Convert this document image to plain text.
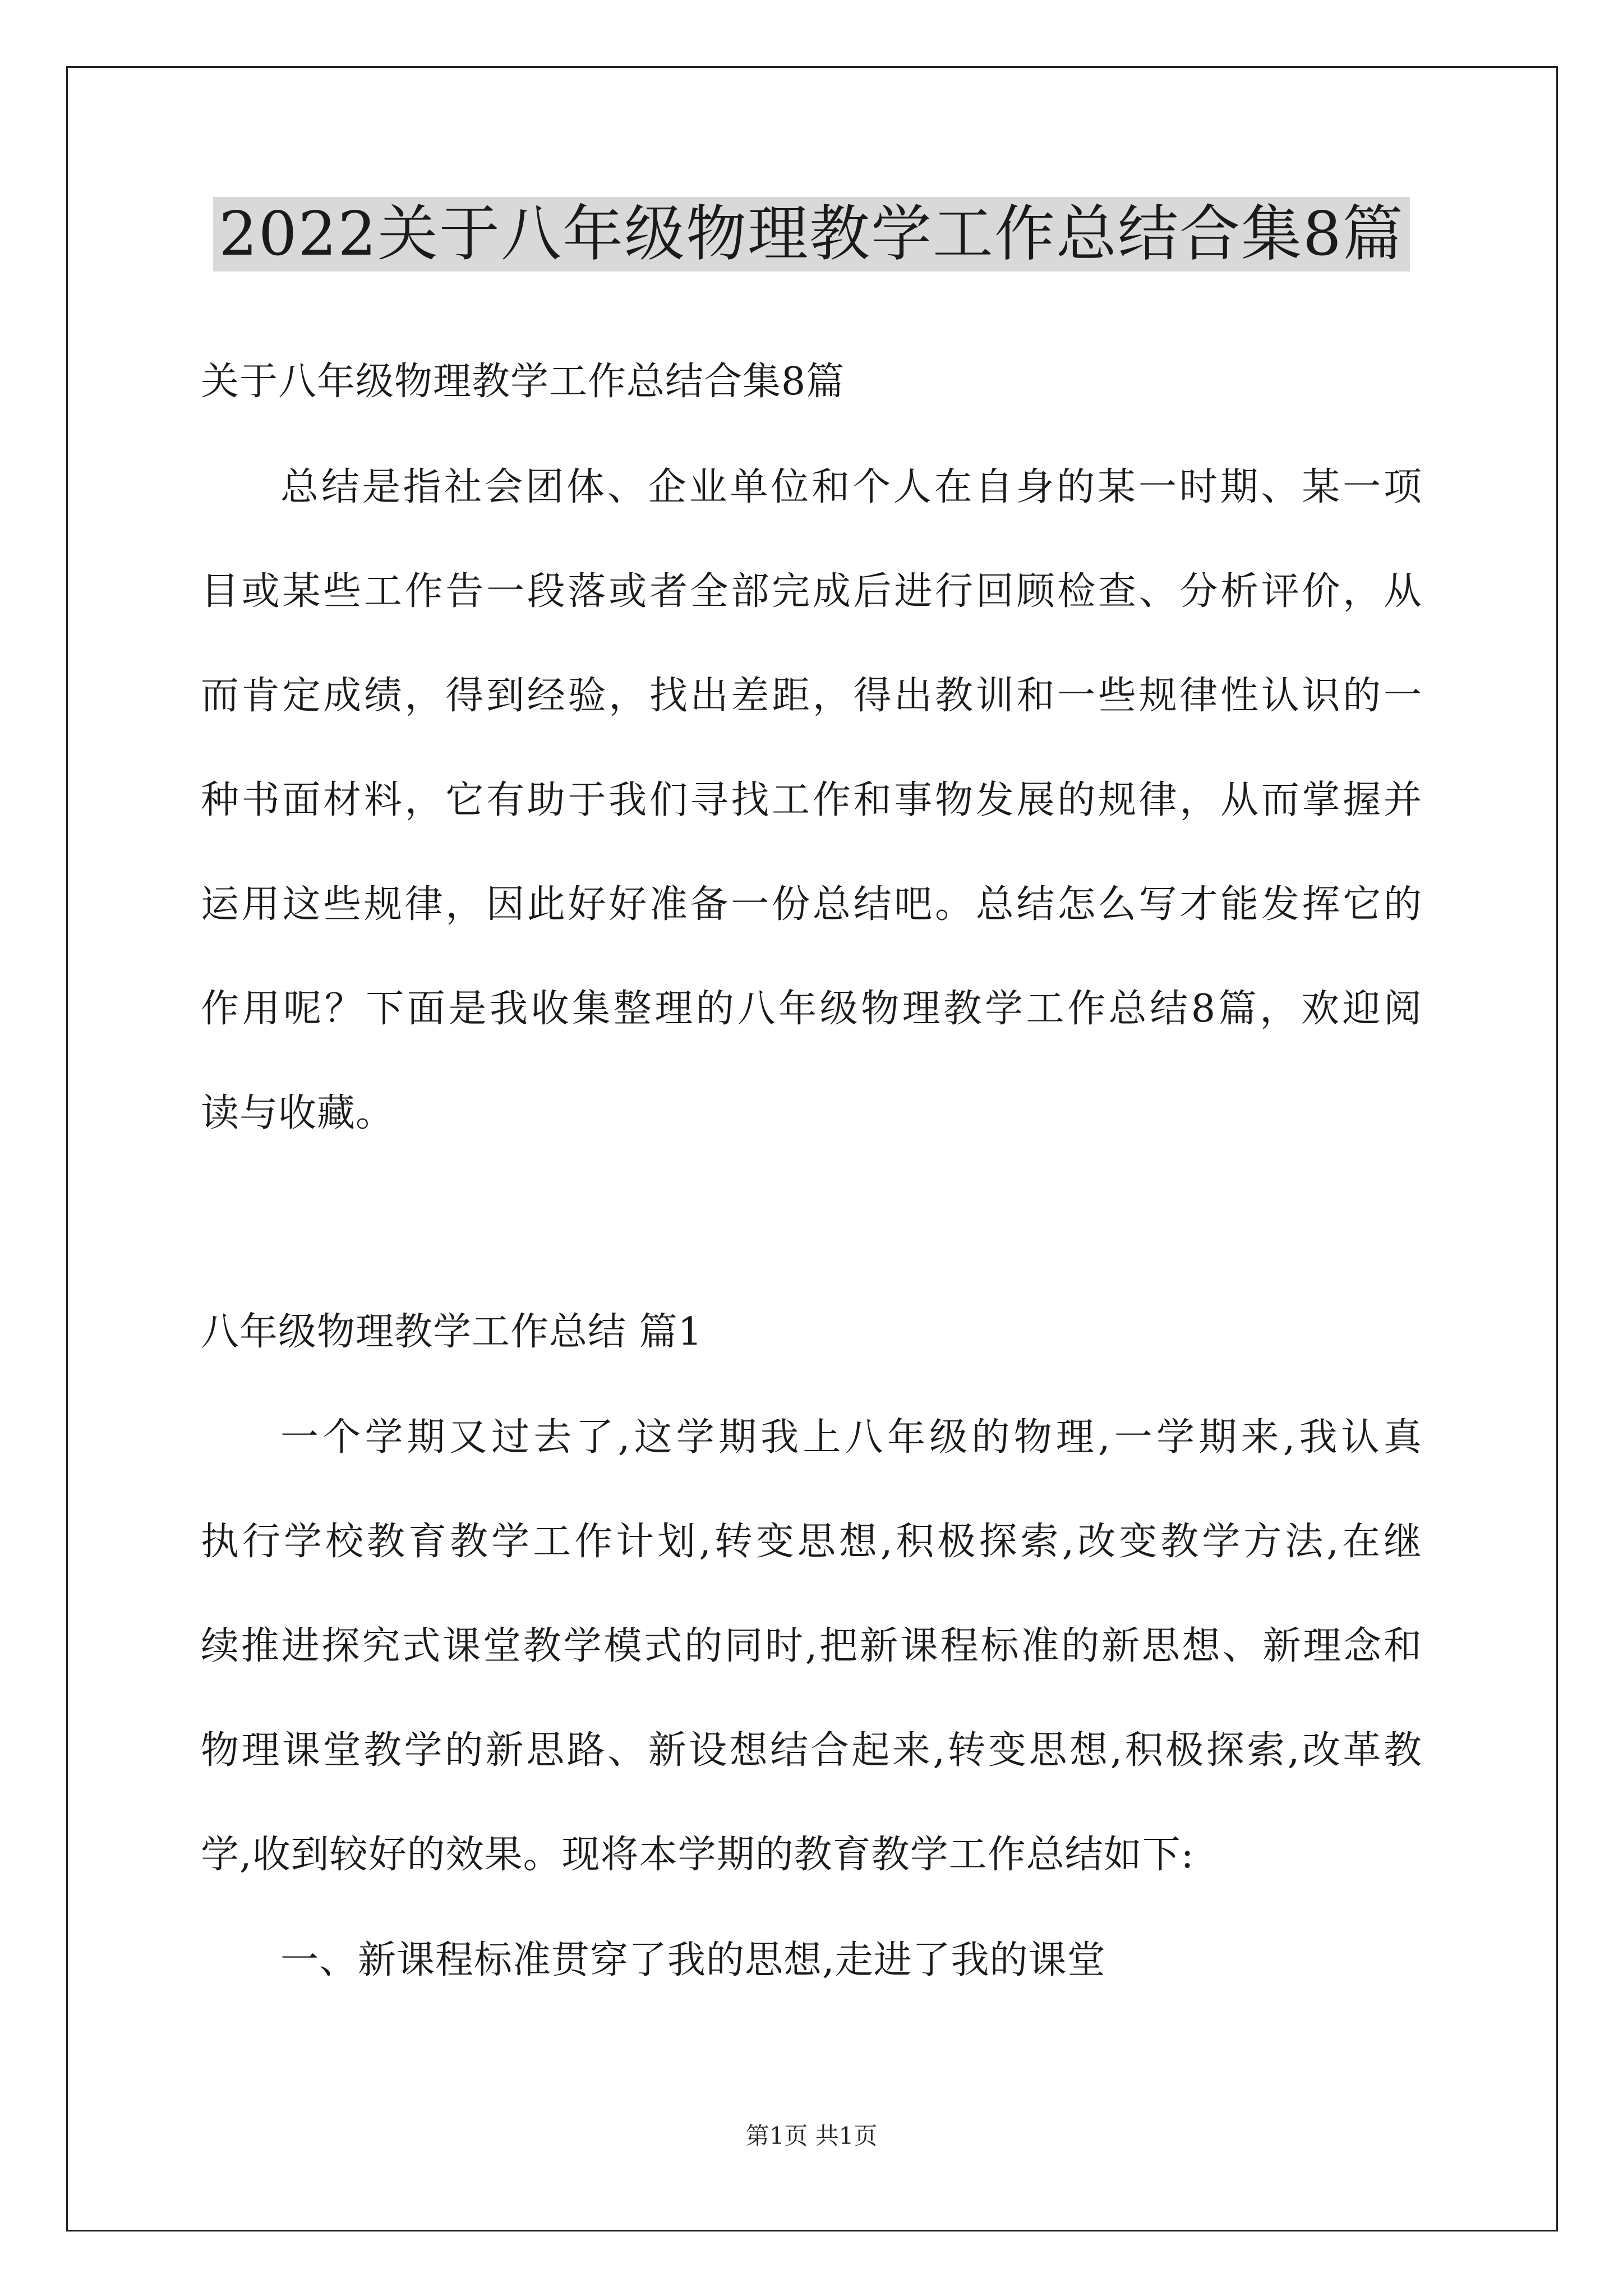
2022关于八年级物理教学工作总结合集8篇
关于八年级物理教学工作总结合集8篇
总结是指社会团体、企业单位和个人在自身的某一时期、某一项
目或某些工作告一段落或者全部完成后进行回顾检查、分析评价，从
而肯定成绩，得到经验，找出差距，得出教训和一些规律性认识的一
种书面材料，它有助于我们寻找工作和事物发展的规律，从而掌握并
运用这些规律，因此好好准备一份总结吧。总结怎么写才能发挥它的
作用呢？下面是我收集整理的八年级物理教学工作总结8篇，欢迎阅
读与收藏。
八年级物理教学工作总结 篇1
一个学期又过去了,这学期我上八年级的物理,一学期来,我认真
执行学校教育教学工作计划,转变思想,积极探索,改变教学方法,在继
续推进探究式课堂教学模式的同时,把新课程标准的新思想、新理念和
物理课堂教学的新思路、新设想结合起来,转变思想,积极探索,改革教
学,收到较好的效果。现将本学期的教育教学工作总结如下:
一、新课程标准贯穿了我的思想,走进了我的课堂
第1页 共1页
